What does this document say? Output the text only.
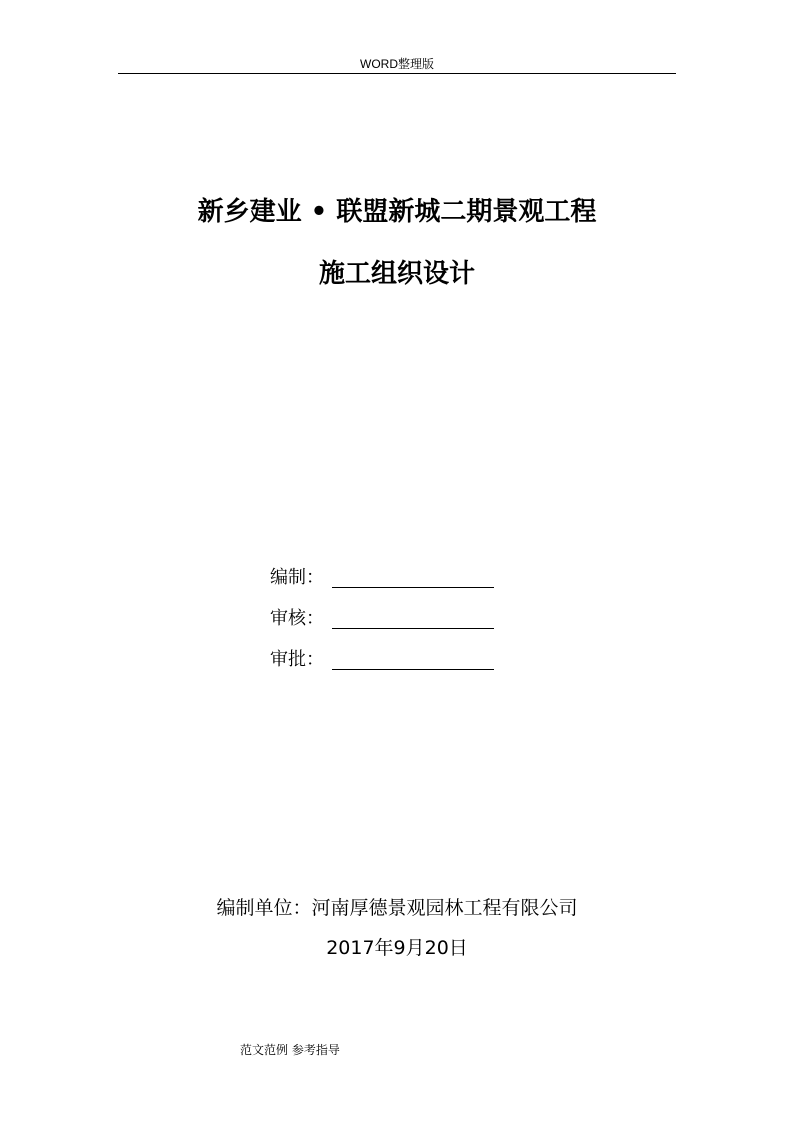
WORD整理版
新乡建业 • 联盟新城二期景观工程
施工组织设计
编制：
审核：
审批：
编制单位：河南厚德景观园林工程有限公司
2017年9月20日
范文范例 参考指导
